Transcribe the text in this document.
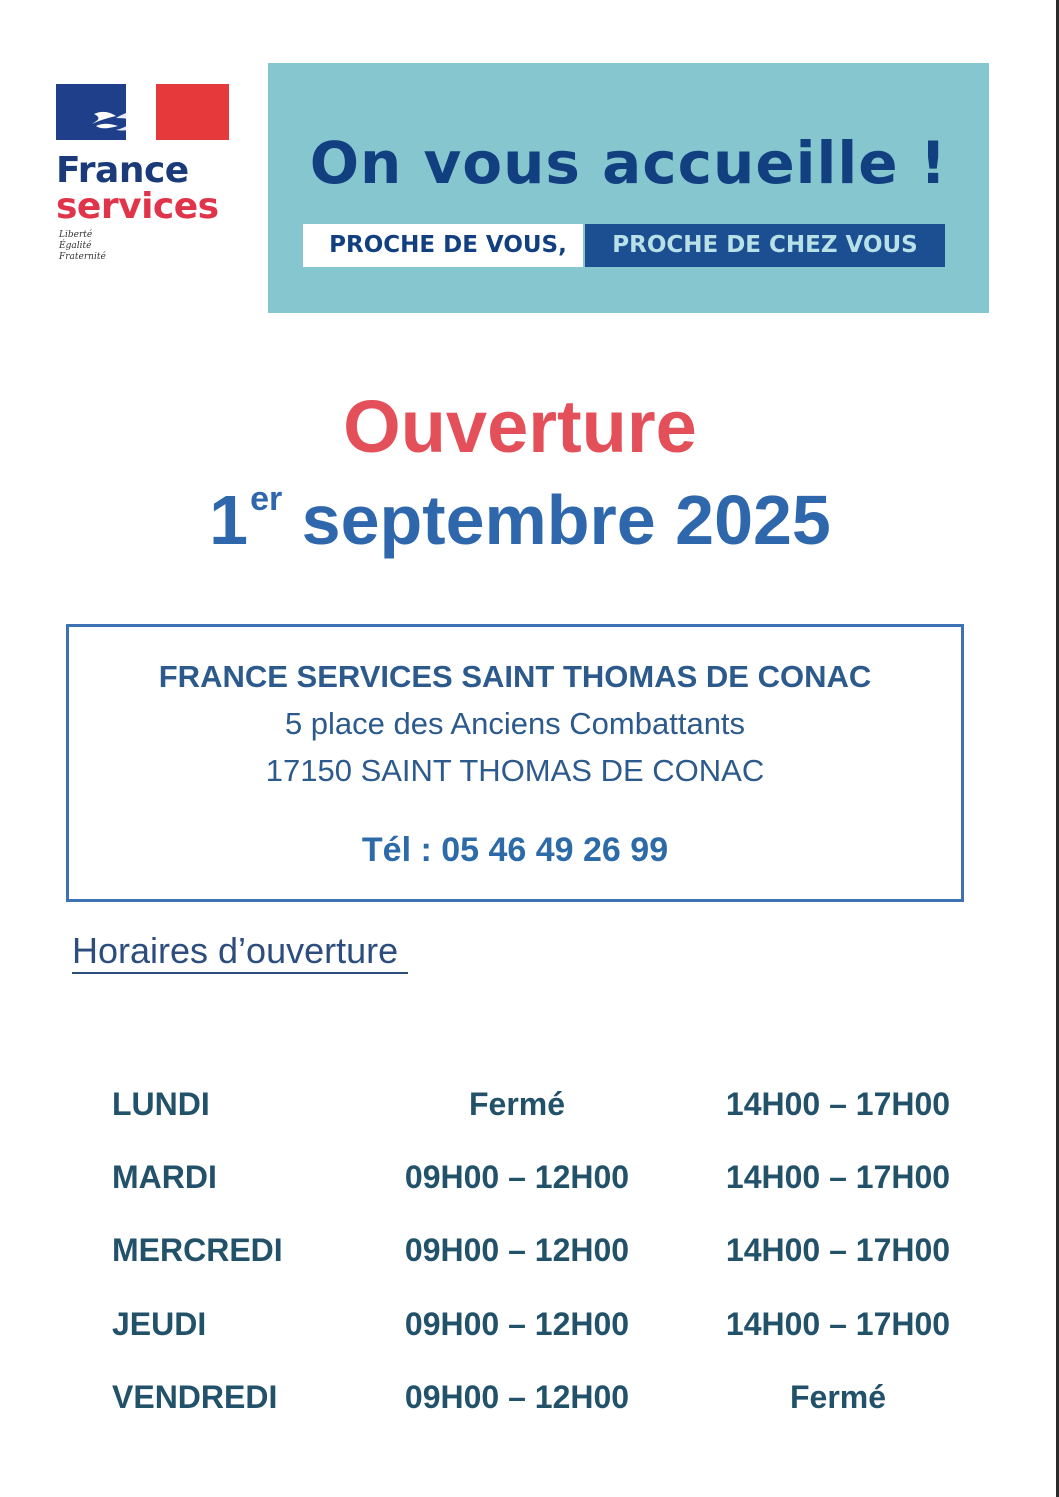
France
services
Liberté
Égalité
Fraternité
On vous accueille !
PROCHE DE VOUS,	PROCHE DE CHEZ VOUS
Ouverture
1er septembre 2025
FRANCE SERVICES SAINT THOMAS DE CONAC
5 place des Anciens Combattants
17150 SAINT THOMAS DE CONAC
Tél : 05 46 49 26 99
Horaires d’ouverture
LUNDI	Fermé	14H00 – 17H00
MARDI	09H00 – 12H00	14H00 – 17H00
MERCREDI	09H00 – 12H00	14H00 – 17H00
JEUDI	09H00 – 12H00	14H00 – 17H00
VENDREDI	09H00 – 12H00	Fermé
